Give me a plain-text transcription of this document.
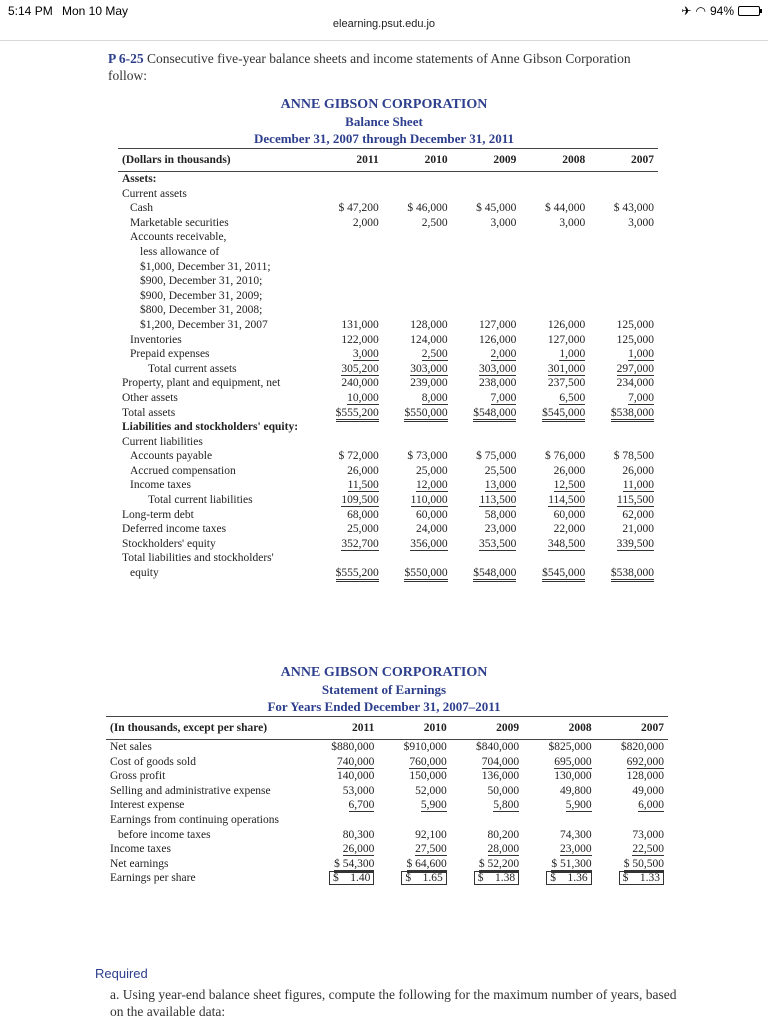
5:14 PM Mon 10 May	✈ ◠ 94%
elearning.psut.edu.jo
P 6-25 Consecutive five-year balance sheets and income statements of Anne Gibson Corporation follow:
ANNE GIBSON CORPORATION
Balance Sheet
December 31, 2007 through December 31, 2011
(Dollars in thousands)	2011	2010	2009	2008	2007
Assets:					
Current assets					
Cash	$ 47,200	$ 46,000	$ 45,000	$ 44,000	$ 43,000
Marketable securities	2,000	2,500	3,000	3,000	3,000
Accounts receivable,					
less allowance of					
$1,000, December 31, 2011;					
$900, December 31, 2010;					
$900, December 31, 2009;					
$800, December 31, 2008;					
$1,200, December 31, 2007	131,000	128,000	127,000	126,000	125,000
Inventories	122,000	124,000	126,000	127,000	125,000
Prepaid expenses	3,000	2,500	2,000	1,000	1,000
Total current assets	305,200	303,000	303,000	301,000	297,000
Property, plant and equipment, net	240,000	239,000	238,000	237,500	234,000
Other assets	10,000	8,000	7,000	6,500	7,000
Total assets	$555,200	$550,000	$548,000	$545,000	$538,000
Liabilities and stockholders' equity:					
Current liabilities					
Accounts payable	$ 72,000	$ 73,000	$ 75,000	$ 76,000	$ 78,500
Accrued compensation	26,000	25,000	25,500	26,000	26,000
Income taxes	11,500	12,000	13,000	12,500	11,000
Total current liabilities	109,500	110,000	113,500	114,500	115,500
Long-term debt	68,000	60,000	58,000	60,000	62,000
Deferred income taxes	25,000	24,000	23,000	22,000	21,000
Stockholders' equity	352,700	356,000	353,500	348,500	339,500
Total liabilities and stockholders'					
equity	$555,200	$550,000	$548,000	$545,000	$538,000
ANNE GIBSON CORPORATION
Statement of Earnings
For Years Ended December 31, 2007–2011
(In thousands, except per share)	2011	2010	2009	2008	2007
Net sales	$880,000	$910,000	$840,000	$825,000	$820,000
Cost of goods sold	740,000	760,000	704,000	695,000	692,000
Gross profit	140,000	150,000	136,000	130,000	128,000
Selling and administrative expense	53,000	52,000	50,000	49,800	49,000
Interest expense	6,700	5,900	5,800	5,900	6,000
Earnings from continuing operations					
before income taxes	80,300	92,100	80,200	74,300	73,000
Income taxes	26,000	27,500	28,000	23,000	22,500
Net earnings	$ 54,300	$ 64,600	$ 52,200	$ 51,300	$ 50,500
Earnings per share	$ 1.40	$ 1.65	$ 1.38	$ 1.36	$ 1.33
Required
a. Using year-end balance sheet figures, compute the following for the maximum number of years, based on the available data:
